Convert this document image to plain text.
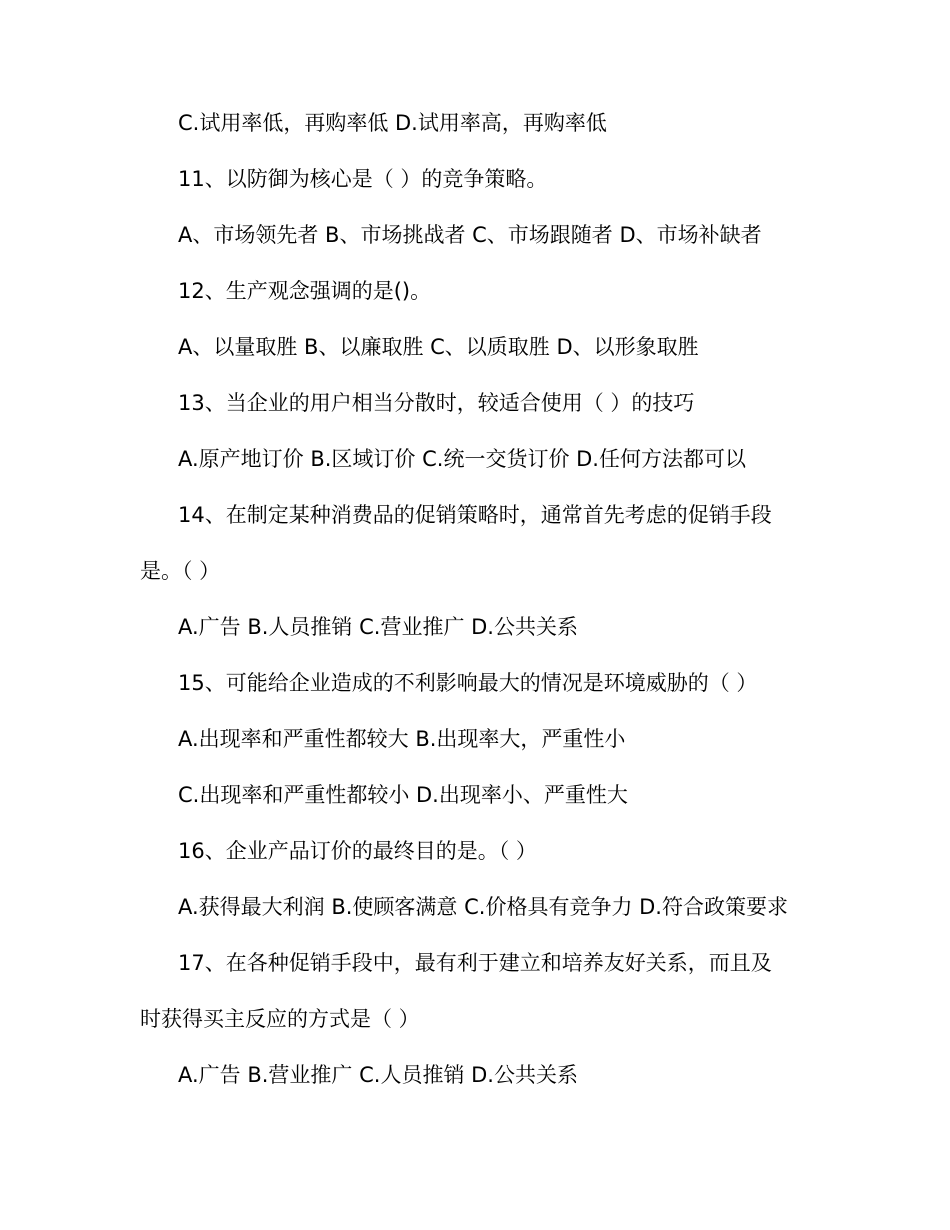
C.试用率低，再购率低 D.试用率高，再购率低
11、以防御为核心是（ ）的竞争策略。
A、市场领先者 B、市场挑战者 C、市场跟随者 D、市场补缺者
12、生产观念强调的是()。
A、以量取胜 B、以廉取胜 C、以质取胜 D、以形象取胜
13、当企业的用户相当分散时，较适合使用（ ）的技巧
A.原产地订价 B.区域订价 C.统一交货订价 D.任何方法都可以
14、在制定某种消费品的促销策略时，通常首先考虑的促销手段
是。（ ）
A.广告 B.人员推销 C.营业推广 D.公共关系
15、可能给企业造成的不利影响最大的情况是环境威胁的（ ）
A.出现率和严重性都较大 B.出现率大，严重性小
C.出现率和严重性都较小 D.出现率小、严重性大
16、企业产品订价的最终目的是。（ ）
A.获得最大利润 B.使顾客满意 C.价格具有竞争力 D.符合政策要求
17、在各种促销手段中，最有利于建立和培养友好关系，而且及
时获得买主反应的方式是（ ）
A.广告 B.营业推广 C.人员推销 D.公共关系
